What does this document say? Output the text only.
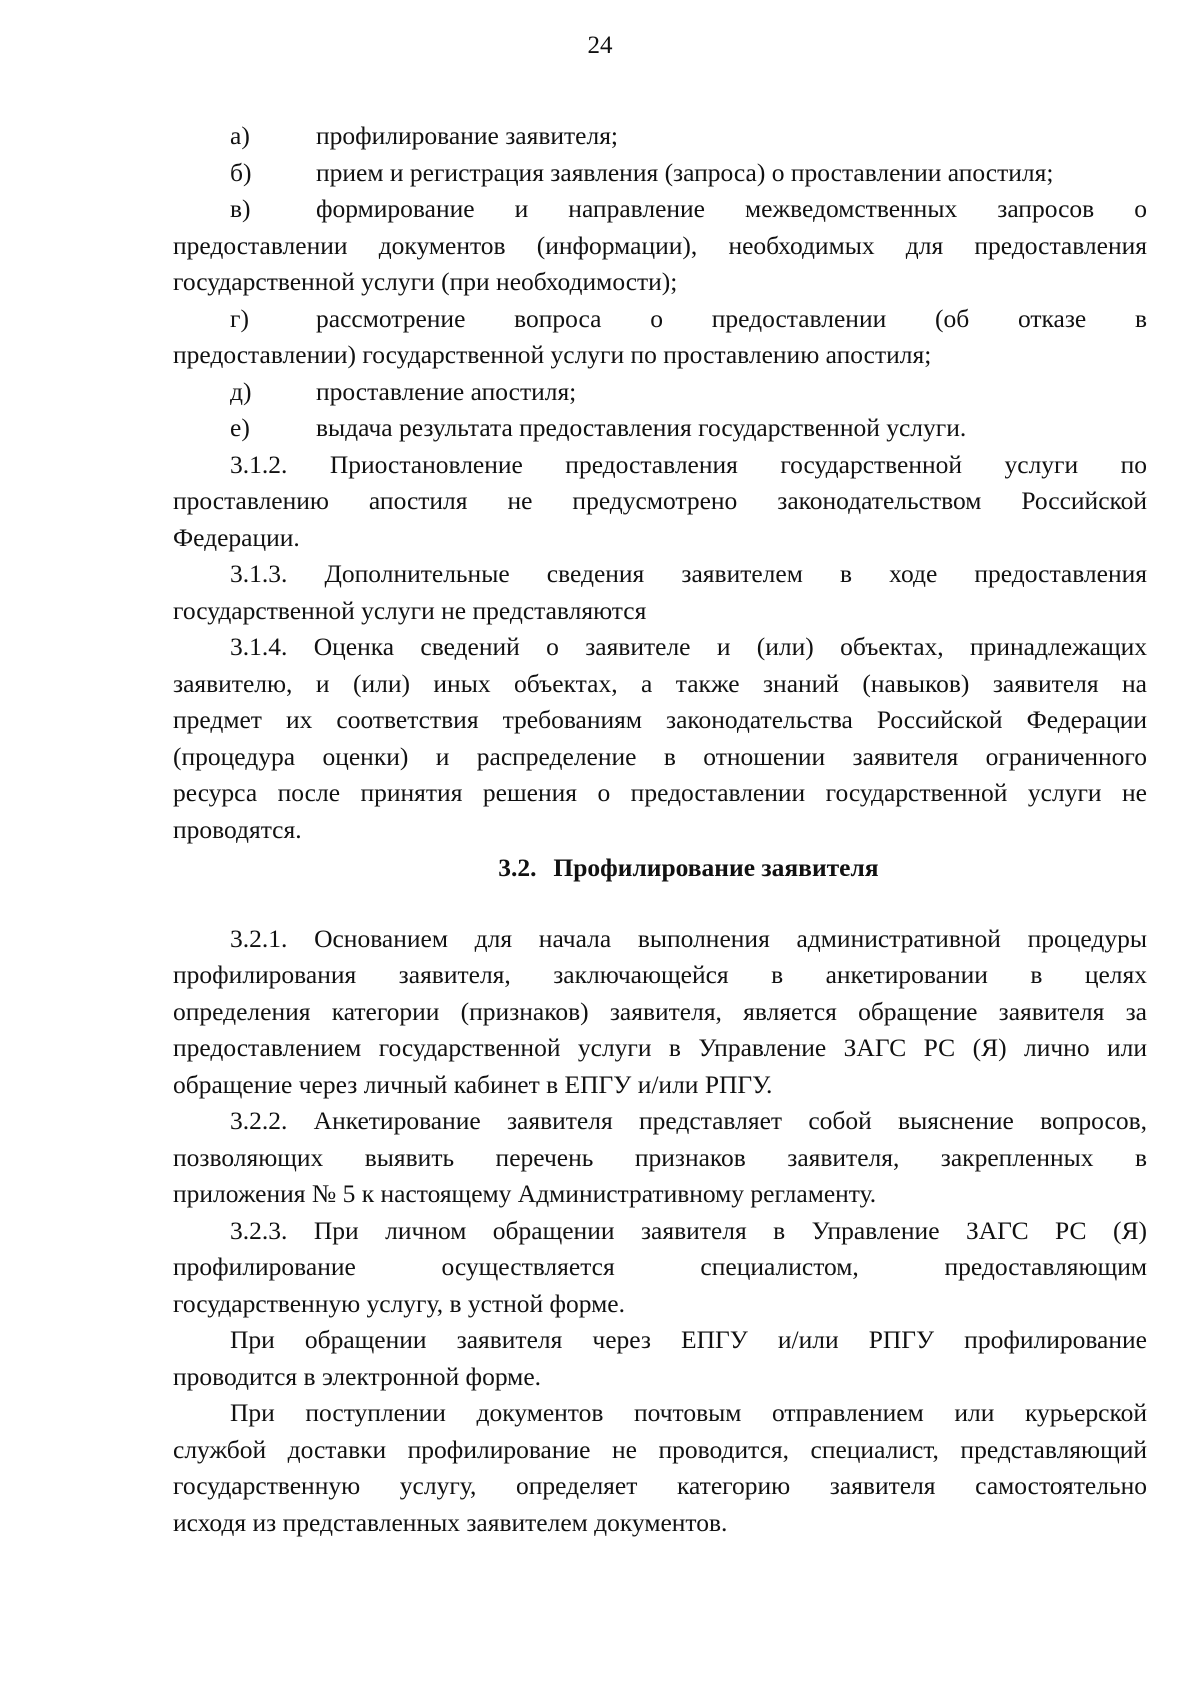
24
а)	профилирование заявителя;
б)	прием и регистрация заявления (запроса) о проставлении апостиля;
в)	формирование и направление межведомственных запросов о
предоставлении документов (информации), необходимых для предоставления
государственной услуги (при необходимости);
г)	рассмотрение вопроса о предоставлении (об отказе в
предоставлении) государственной услуги по проставлению апостиля;
д)	проставление апостиля;
е)	выдача результата предоставления государственной услуги.
3.1.2. Приостановление предоставления государственной услуги по
проставлению апостиля не предусмотрено законодательством Российской
Федерации.
3.1.3. Дополнительные сведения заявителем в ходе предоставления
государственной услуги не представляются
3.1.4. Оценка сведений о заявителе и (или) объектах, принадлежащих
заявителю, и (или) иных объектах, а также знаний (навыков) заявителя на
предмет их соответствия требованиям законодательства Российской Федерации
(процедура оценки) и распределение в отношении заявителя ограниченного
ресурса после принятия решения о предоставлении государственной услуги не
проводятся.
3.2. Профилирование заявителя
3.2.1. Основанием для начала выполнения административной процедуры
профилирования заявителя, заключающейся в анкетировании в целях
определения категории (признаков) заявителя, является обращение заявителя за
предоставлением государственной услуги в Управление ЗАГС РС (Я) лично или
обращение через личный кабинет в ЕПГУ и/или РПГУ.
3.2.2. Анкетирование заявителя представляет собой выяснение вопросов,
позволяющих выявить перечень признаков заявителя, закрепленных в
приложения № 5 к настоящему Административному регламенту.
3.2.3. При личном обращении заявителя в Управление ЗАГС РС (Я)
профилирование осуществляется специалистом, предоставляющим
государственную услугу, в устной форме.
При обращении заявителя через ЕПГУ и/или РПГУ профилирование
проводится в электронной форме.
При поступлении документов почтовым отправлением или курьерской
службой доставки профилирование не проводится, специалист, представляющий
государственную услугу, определяет категорию заявителя самостоятельно
исходя из представленных заявителем документов.
